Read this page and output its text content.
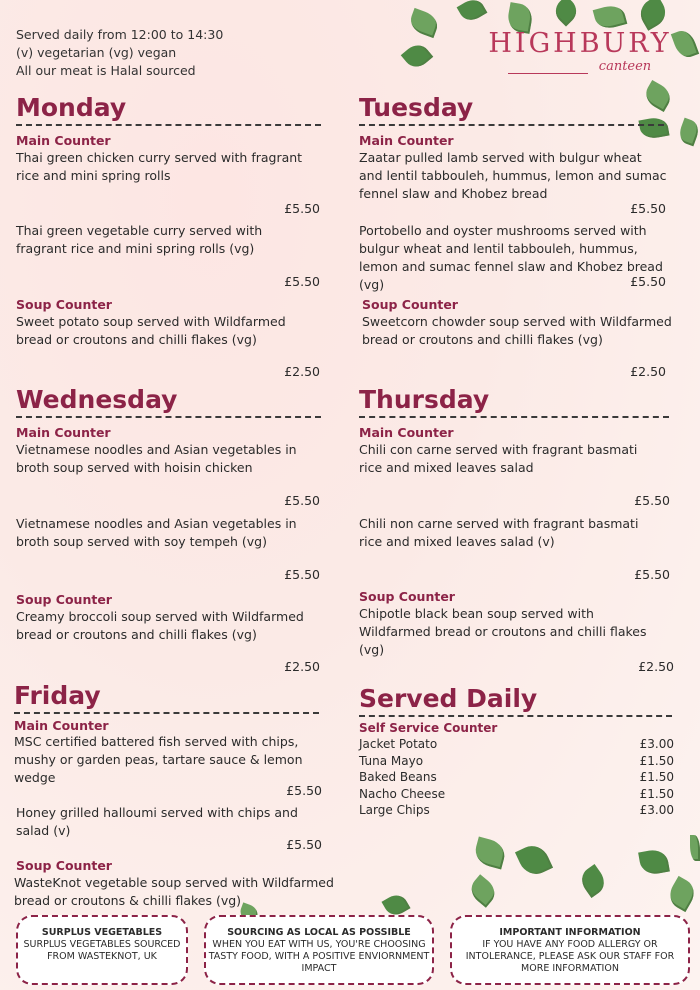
Served daily from 12:00 to 14:30
(v) vegetarian (vg) vegan
All our meat is Halal sourced
HIGHBURY
canteen
Monday
Main Counter
Thai green chicken curry served with fragrant rice and mini spring rolls
£5.50
Thai green vegetable curry served with fragrant rice and mini spring rolls (vg)
£5.50
Soup Counter
Sweet potato soup served with Wildfarmed bread or croutons and chilli flakes (vg)
£2.50
Tuesday
Main Counter
Zaatar pulled lamb served with bulgur wheat and lentil tabbouleh, hummus, lemon and sumac fennel slaw and Khobez bread
£5.50
Portobello and oyster mushrooms served with bulgur wheat and lentil tabbouleh, hummus, lemon and sumac fennel slaw and Khobez bread (vg)	£5.50
Soup Counter
Sweetcorn chowder soup served with Wildfarmed bread or croutons and chilli flakes (vg)
£2.50
Wednesday
Main Counter
Vietnamese noodles and Asian vegetables in broth soup served with hoisin chicken
£5.50
Vietnamese noodles and Asian vegetables in broth soup served with soy tempeh (vg)
£5.50
Soup Counter
Creamy broccoli soup served with Wildfarmed bread or croutons and chilli flakes (vg)
£2.50
Thursday
Main Counter
Chili con carne served with fragrant basmati rice and mixed leaves salad
£5.50
Chili non carne served with fragrant basmati rice and mixed leaves salad (v)
£5.50
Soup Counter
Chipotle black bean soup served with Wildfarmed bread or croutons and chilli flakes (vg)
£2.50
Friday
Main Counter
MSC certified battered fish served with chips, mushy or garden peas, tartare sauce & lemon wedge
£5.50
Honey grilled halloumi served with chips and salad (v)
£5.50
Soup Counter
WasteKnot vegetable soup served with Wildfarmed bread or croutons & chilli flakes (vg)
Served Daily
Self Service Counter
Jacket Potato	£3.00
Tuna Mayo	£1.50
Baked Beans	£1.50
Nacho Cheese	£1.50
Large Chips	£3.00
SURPLUS VEGETABLES
SURPLUS VEGETABLES SOURCED FROM WASTEKNOT, UK
SOURCING AS LOCAL AS POSSIBLE
WHEN YOU EAT WITH US, YOU'RE CHOOSING TASTY FOOD, WITH A POSITIVE ENVIORNMENT IMPACT
IMPORTANT INFORMATION
IF YOU HAVE ANY FOOD ALLERGY OR INTOLERANCE, PLEASE ASK OUR STAFF FOR MORE INFORMATION
